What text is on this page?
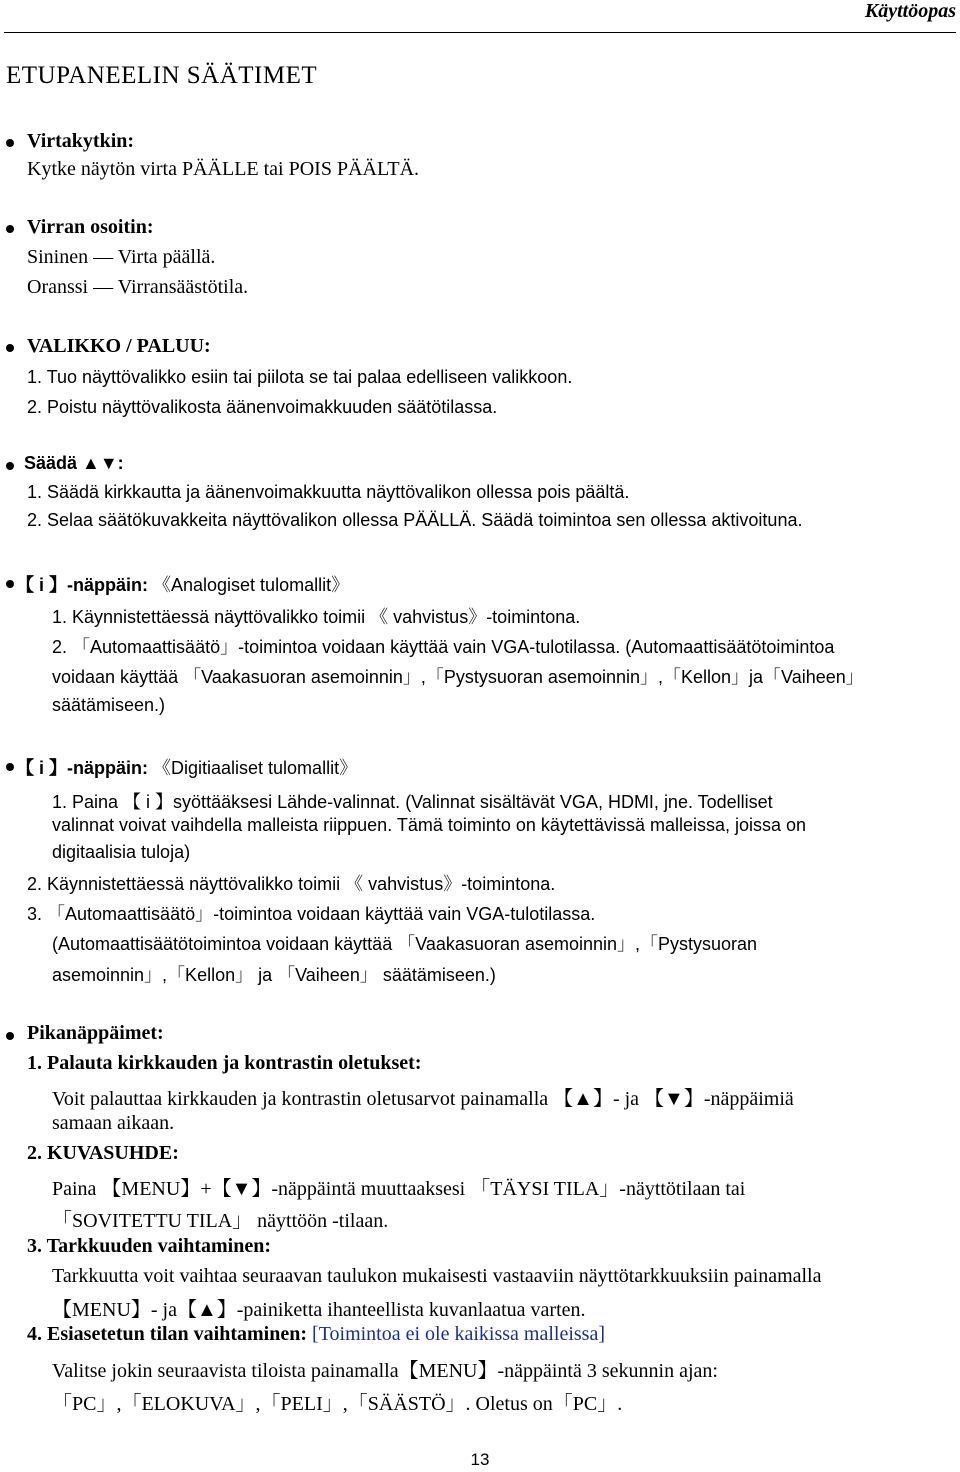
Käyttöopas
ETUPANEELIN SÄÄTIMET
Virtakytkin:
Kytke näytön virta PÄÄLLE tai POIS PÄÄLTÄ.
Virran osoitin:
Sininen — Virta päällä.
Oranssi — Virransäästötila.
VALIKKO / PALUU:
1. Tuo näyttövalikko esiin tai piilota se tai palaa edelliseen valikkoon.
2. Poistu näyttövalikosta äänenvoimakkuuden säätötilassa.
Säädä ▲▼:
1. Säädä kirkkautta ja äänenvoimakkuutta näyttövalikon ollessa pois päältä.
2. Selaa säätökuvakkeita näyttövalikon ollessa PÄÄLLÄ. Säädä toimintoa sen ollessa aktivoituna.
【 i 】-näppäin: 《Analogiset tulomallit》
1. Käynnistettäessä näyttövalikko toimii 《 vahvistus》-toimintona.
2. 「Automaattisäätö」-toimintoa voidaan käyttää vain VGA-tulotilassa. (Automaattisäätötoimintoa
voidaan käyttää 「Vaakasuoran asemoinnin」,「Pystysuoran asemoinnin」,「Kellon」ja「Vaiheen」
säätämiseen.)
【 i 】-näppäin: 《Digitiaaliset tulomallit》
1. Paina 【 i 】syöttääksesi Lähde-valinnat. (Valinnat sisältävät VGA, HDMI, jne. Todelliset
valinnat voivat vaihdella malleista riippuen. Tämä toiminto on käytettävissä malleissa, joissa on
digitaalisia tuloja)
2. Käynnistettäessä näyttövalikko toimii 《 vahvistus》-toimintona.
3. 「Automaattisäätö」-toimintoa voidaan käyttää vain VGA-tulotilassa.
(Automaattisäätötoimintoa voidaan käyttää 「Vaakasuoran asemoinnin」,「Pystysuoran
asemoinnin」,「Kellon」 ja 「Vaiheen」 säätämiseen.)
Pikanäppäimet:
1. Palauta kirkkauden ja kontrastin oletukset:
Voit palauttaa kirkkauden ja kontrastin oletusarvot painamalla 【▲】- ja 【▼】-näppäimiä
samaan aikaan.
2. KUVASUHDE:
Paina 【MENU】+【▼】-näppäintä muuttaaksesi 「TÄYSI TILA」-näyttötilaan tai
「SOVITETTU TILA」 näyttöön -tilaan.
3. Tarkkuuden vaihtaminen:
Tarkkuutta voit vaihtaa seuraavan taulukon mukaisesti vastaaviin näyttötarkkuuksiin painamalla
【MENU】- ja【▲】-painiketta ihanteellista kuvanlaatua varten.
4. Esiasetetun tilan vaihtaminen: [Toimintoa ei ole kaikissa malleissa]
Valitse jokin seuraavista tiloista painamalla【MENU】-näppäintä 3 sekunnin ajan:
「PC」,「ELOKUVA」,「PELI」,「SÄÄSTÖ」. Oletus on「PC」.
13
